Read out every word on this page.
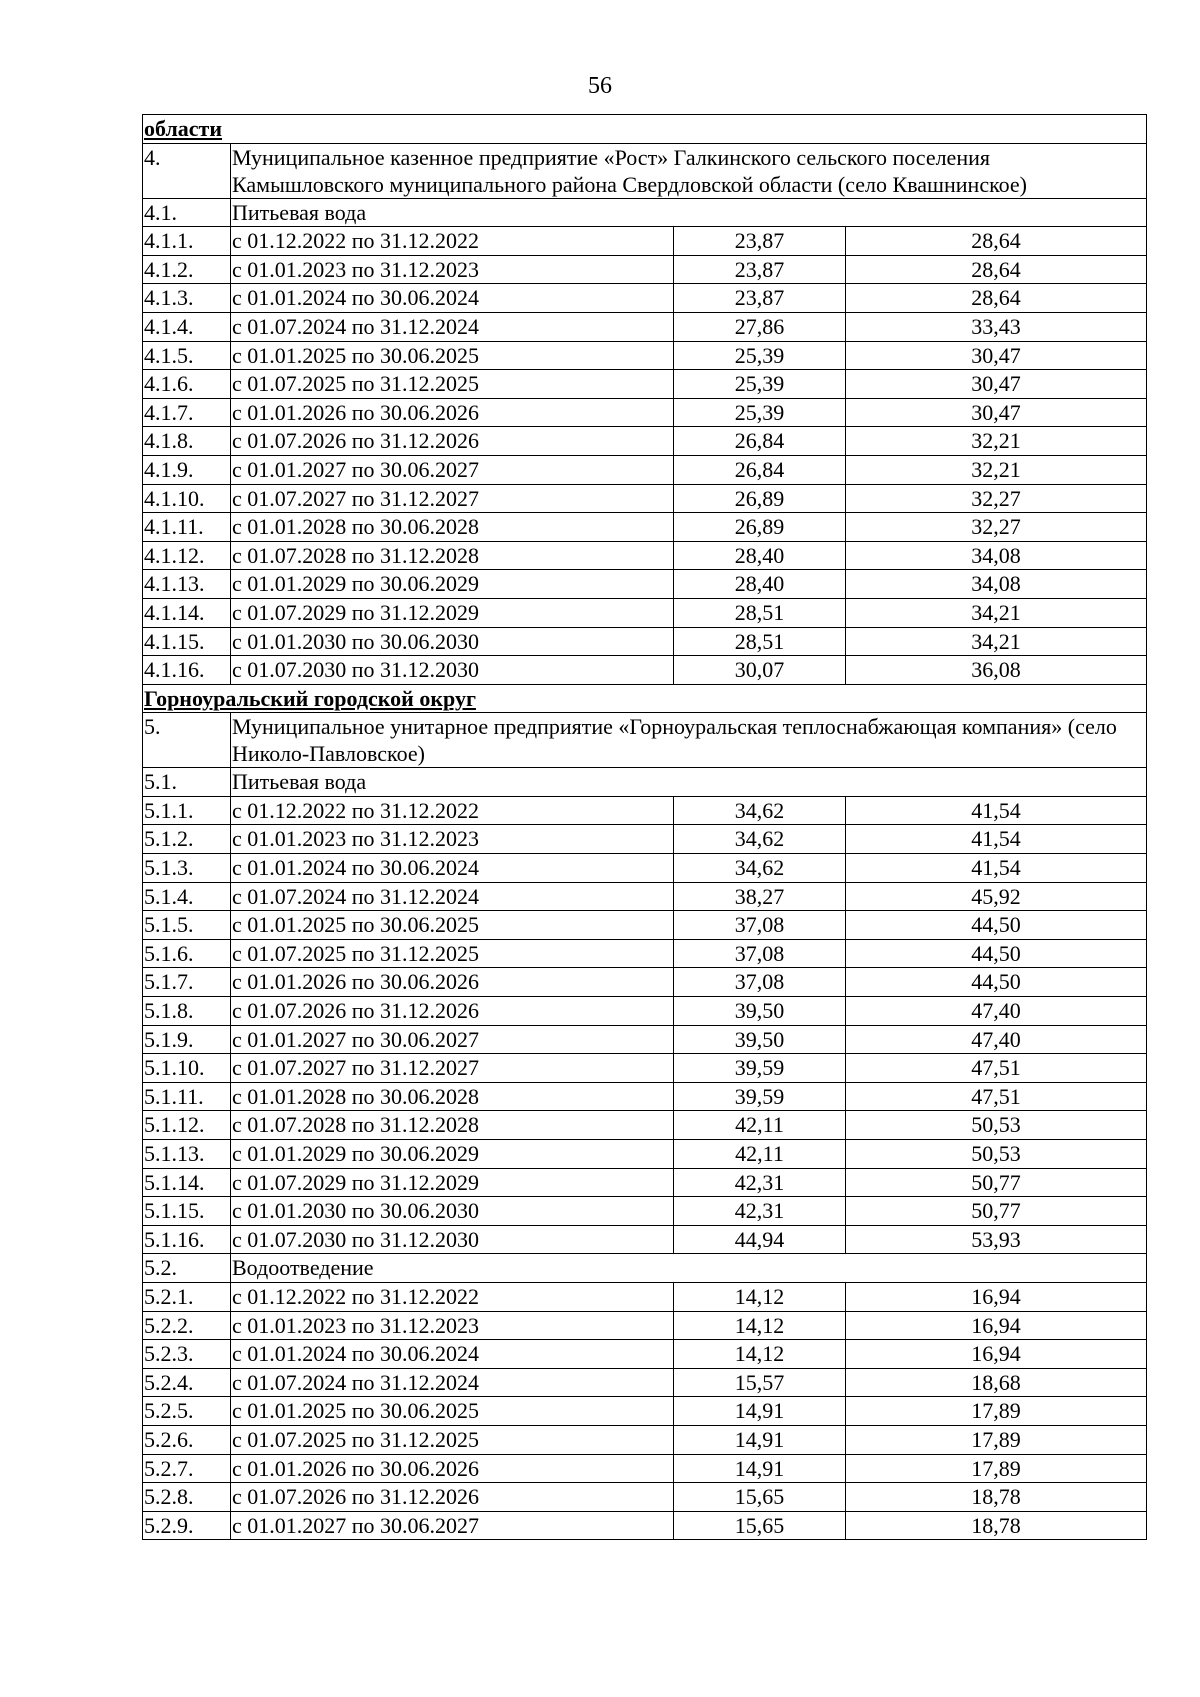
56
области			
4.	Муниципальное казенное предприятие «Рост» Галкинского сельского поселения Камышловского муниципального района Свердловской области (село Квашнинское)		
4.1.	Питьевая вода		
4.1.1.	с 01.12.2022 по 31.12.2022	23,87	28,64
4.1.2.	с 01.01.2023 по 31.12.2023	23,87	28,64
4.1.3.	с 01.01.2024 по 30.06.2024	23,87	28,64
4.1.4.	с 01.07.2024 по 31.12.2024	27,86	33,43
4.1.5.	с 01.01.2025 по 30.06.2025	25,39	30,47
4.1.6.	с 01.07.2025 по 31.12.2025	25,39	30,47
4.1.7.	с 01.01.2026 по 30.06.2026	25,39	30,47
4.1.8.	с 01.07.2026 по 31.12.2026	26,84	32,21
4.1.9.	с 01.01.2027 по 30.06.2027	26,84	32,21
4.1.10.	с 01.07.2027 по 31.12.2027	26,89	32,27
4.1.11.	с 01.01.2028 по 30.06.2028	26,89	32,27
4.1.12.	с 01.07.2028 по 31.12.2028	28,40	34,08
4.1.13.	с 01.01.2029 по 30.06.2029	28,40	34,08
4.1.14.	с 01.07.2029 по 31.12.2029	28,51	34,21
4.1.15.	с 01.01.2030 по 30.06.2030	28,51	34,21
4.1.16.	с 01.07.2030 по 31.12.2030	30,07	36,08
Горноуральский городской округ			
5.	Муниципальное унитарное предприятие «Горноуральская теплоснабжающая компания» (село Николо-Павловское)		
5.1.	Питьевая вода		
5.1.1.	с 01.12.2022 по 31.12.2022	34,62	41,54
5.1.2.	с 01.01.2023 по 31.12.2023	34,62	41,54
5.1.3.	с 01.01.2024 по 30.06.2024	34,62	41,54
5.1.4.	с 01.07.2024 по 31.12.2024	38,27	45,92
5.1.5.	с 01.01.2025 по 30.06.2025	37,08	44,50
5.1.6.	с 01.07.2025 по 31.12.2025	37,08	44,50
5.1.7.	с 01.01.2026 по 30.06.2026	37,08	44,50
5.1.8.	с 01.07.2026 по 31.12.2026	39,50	47,40
5.1.9.	с 01.01.2027 по 30.06.2027	39,50	47,40
5.1.10.	с 01.07.2027 по 31.12.2027	39,59	47,51
5.1.11.	с 01.01.2028 по 30.06.2028	39,59	47,51
5.1.12.	с 01.07.2028 по 31.12.2028	42,11	50,53
5.1.13.	с 01.01.2029 по 30.06.2029	42,11	50,53
5.1.14.	с 01.07.2029 по 31.12.2029	42,31	50,77
5.1.15.	с 01.01.2030 по 30.06.2030	42,31	50,77
5.1.16.	с 01.07.2030 по 31.12.2030	44,94	53,93
5.2.	Водоотведение		
5.2.1.	с 01.12.2022 по 31.12.2022	14,12	16,94
5.2.2.	с 01.01.2023 по 31.12.2023	14,12	16,94
5.2.3.	с 01.01.2024 по 30.06.2024	14,12	16,94
5.2.4.	с 01.07.2024 по 31.12.2024	15,57	18,68
5.2.5.	с 01.01.2025 по 30.06.2025	14,91	17,89
5.2.6.	с 01.07.2025 по 31.12.2025	14,91	17,89
5.2.7.	с 01.01.2026 по 30.06.2026	14,91	17,89
5.2.8.	с 01.07.2026 по 31.12.2026	15,65	18,78
5.2.9.	с 01.01.2027 по 30.06.2027	15,65	18,78
